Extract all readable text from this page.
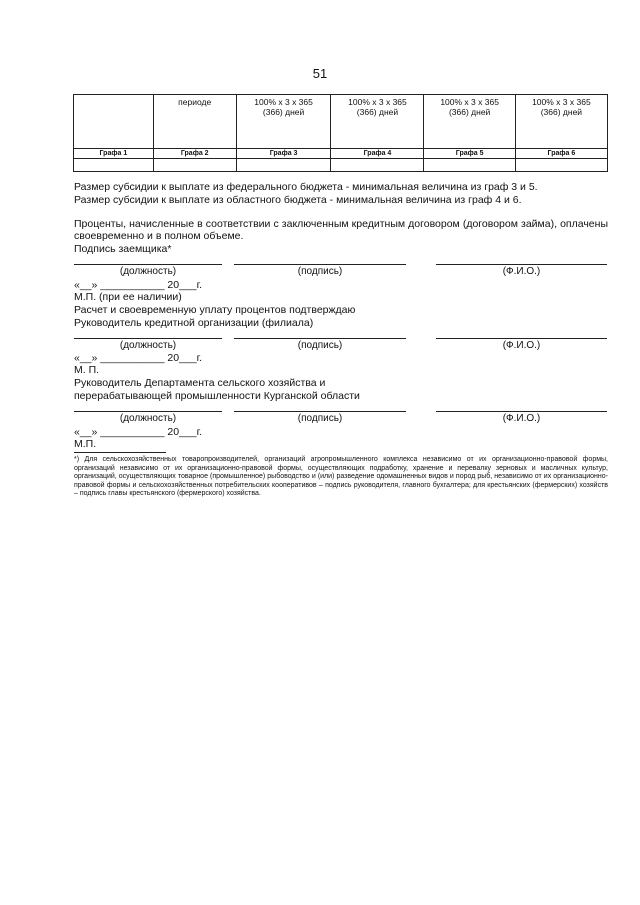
51
	периоде	100% х 3 х 365 (366) дней	100% х 3 х 365 (366) дней	100% х 3 х 365 (366) дней	100% х 3 х 365 (366) дней

Графа 1	Графа 2	Графа 3	Графа 4	Графа 5	Графа 6

Размер субсидии к выплате из федерального бюджета - минимальная величина из граф 3 и 5.
Размер субсидии к выплате из областного бюджета - минимальная величина из граф 4 и 6.
Проценты, начисленные в соответствии с заключенным кредитным договором (договором займа), оплачены своевременно и в полном объеме.
Подпись заемщика*
(должность)	(подпись)	(Ф.И.О.)
«__» ___________ 20___г.
М.П. (при ее наличии)
Расчет и своевременную уплату процентов подтверждаю
Руководитель кредитной организации (филиала)
(должность)	(подпись)	(Ф.И.О.)
«__» ___________ 20___г.
М. П.
Руководитель Департамента сельского хозяйства и
перерабатывающей промышленности Курганской области
(должность)	(подпись)	(Ф.И.О.)
«__» ___________ 20___г.
М.П.
*) Для сельскохозяйственных товаропроизводителей, организаций агропромышленного комплекса независимо от их организационно-правовой формы, организаций независимо от их организационно-правовой формы, осуществляющих подработку, хранение и перевалку зерновых и масличных культур, организаций, осуществляющих товарное (промышленное) рыбоводство и (или) разведение одомашненных видов и пород рыб, независимо от их организационно-правовой формы и сельскохозяйственных потребительских кооперативов – подпись руководителя, главного бухгалтера; для крестьянских (фермерских) хозяйств – подпись главы крестьянского (фермерского) хозяйства.
